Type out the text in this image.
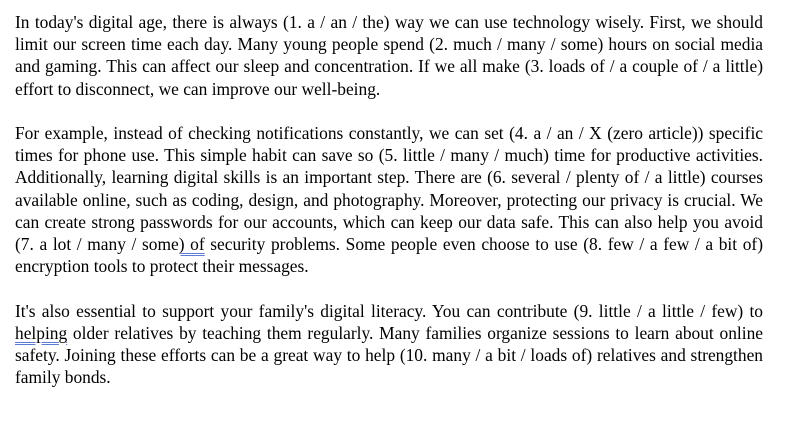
In today's digital age, there is always (1. a / an / the) way we can use technology wisely. First, we should limit our screen time each day. Many young people spend (2. much / many / some) hours on social media and gaming. This can affect our sleep and concentration. If we all make (3. loads of / a couple of / a little) effort to disconnect, we can improve our well-being.

For example, instead of checking notifications constantly, we can set (4. a / an / X (zero article)) specific times for phone use. This simple habit can save so (5. little / many / much) time for productive activities. Additionally, learning digital skills is an important step. There are (6. several / plenty of / a little) courses available online, such as coding, design, and photography. Moreover, protecting our privacy is crucial. We can create strong passwords for our accounts, which can keep our data safe. This can also help you avoid (7. a lot / many / some) of security problems. Some people even choose to use (8. few / a few / a bit of) encryption tools to protect their messages.

It's also essential to support your family's digital literacy. You can contribute (9. little / a little / few) to helping older relatives by teaching them regularly. Many families organize sessions to learn about online safety. Joining these efforts can be a great way to help (10. many / a bit / loads of) relatives and strengthen family bonds.
